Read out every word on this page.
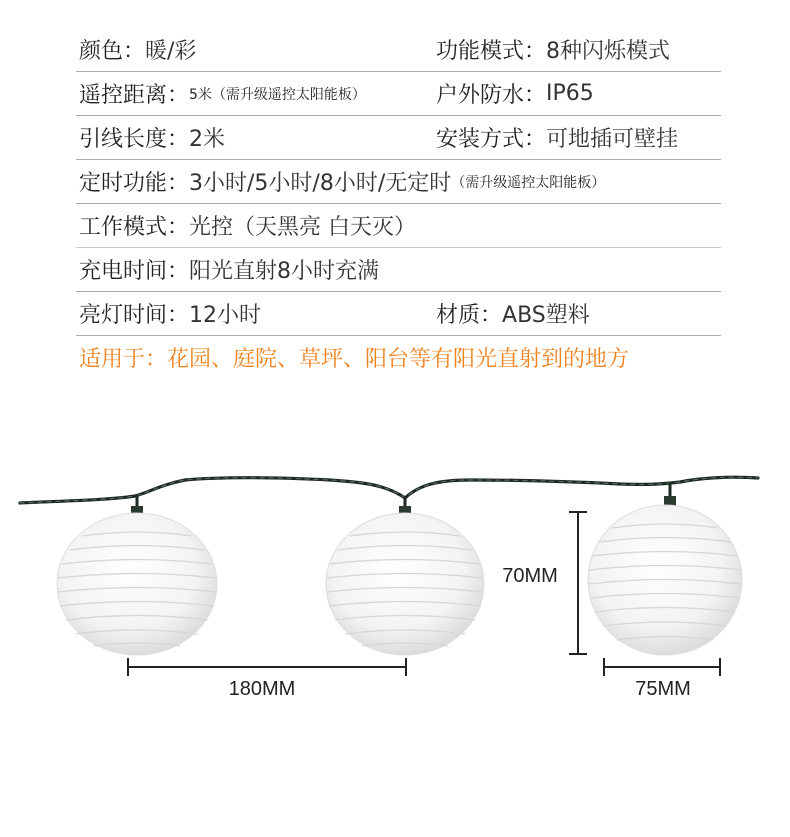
颜色： 暖/彩	功能模式： 8种闪烁模式
遥控距离： 5米 （需升级遥控太阳能板）	户外防水： IP65
引线长度： 2米	安装方式： 可地插可壁挂
定时功能： 3小时/5小时/8小时/无定时 （需升级遥控太阳能板）
工作模式： 光控（天黑亮 白天灭）
充电时间： 阳光直射8小时充满
亮灯时间： 12小时	材质： ABS塑料
适用于：花园、庭院、草坪、阳台等有阳光直射到的地方
180MM
70MM
75MM
